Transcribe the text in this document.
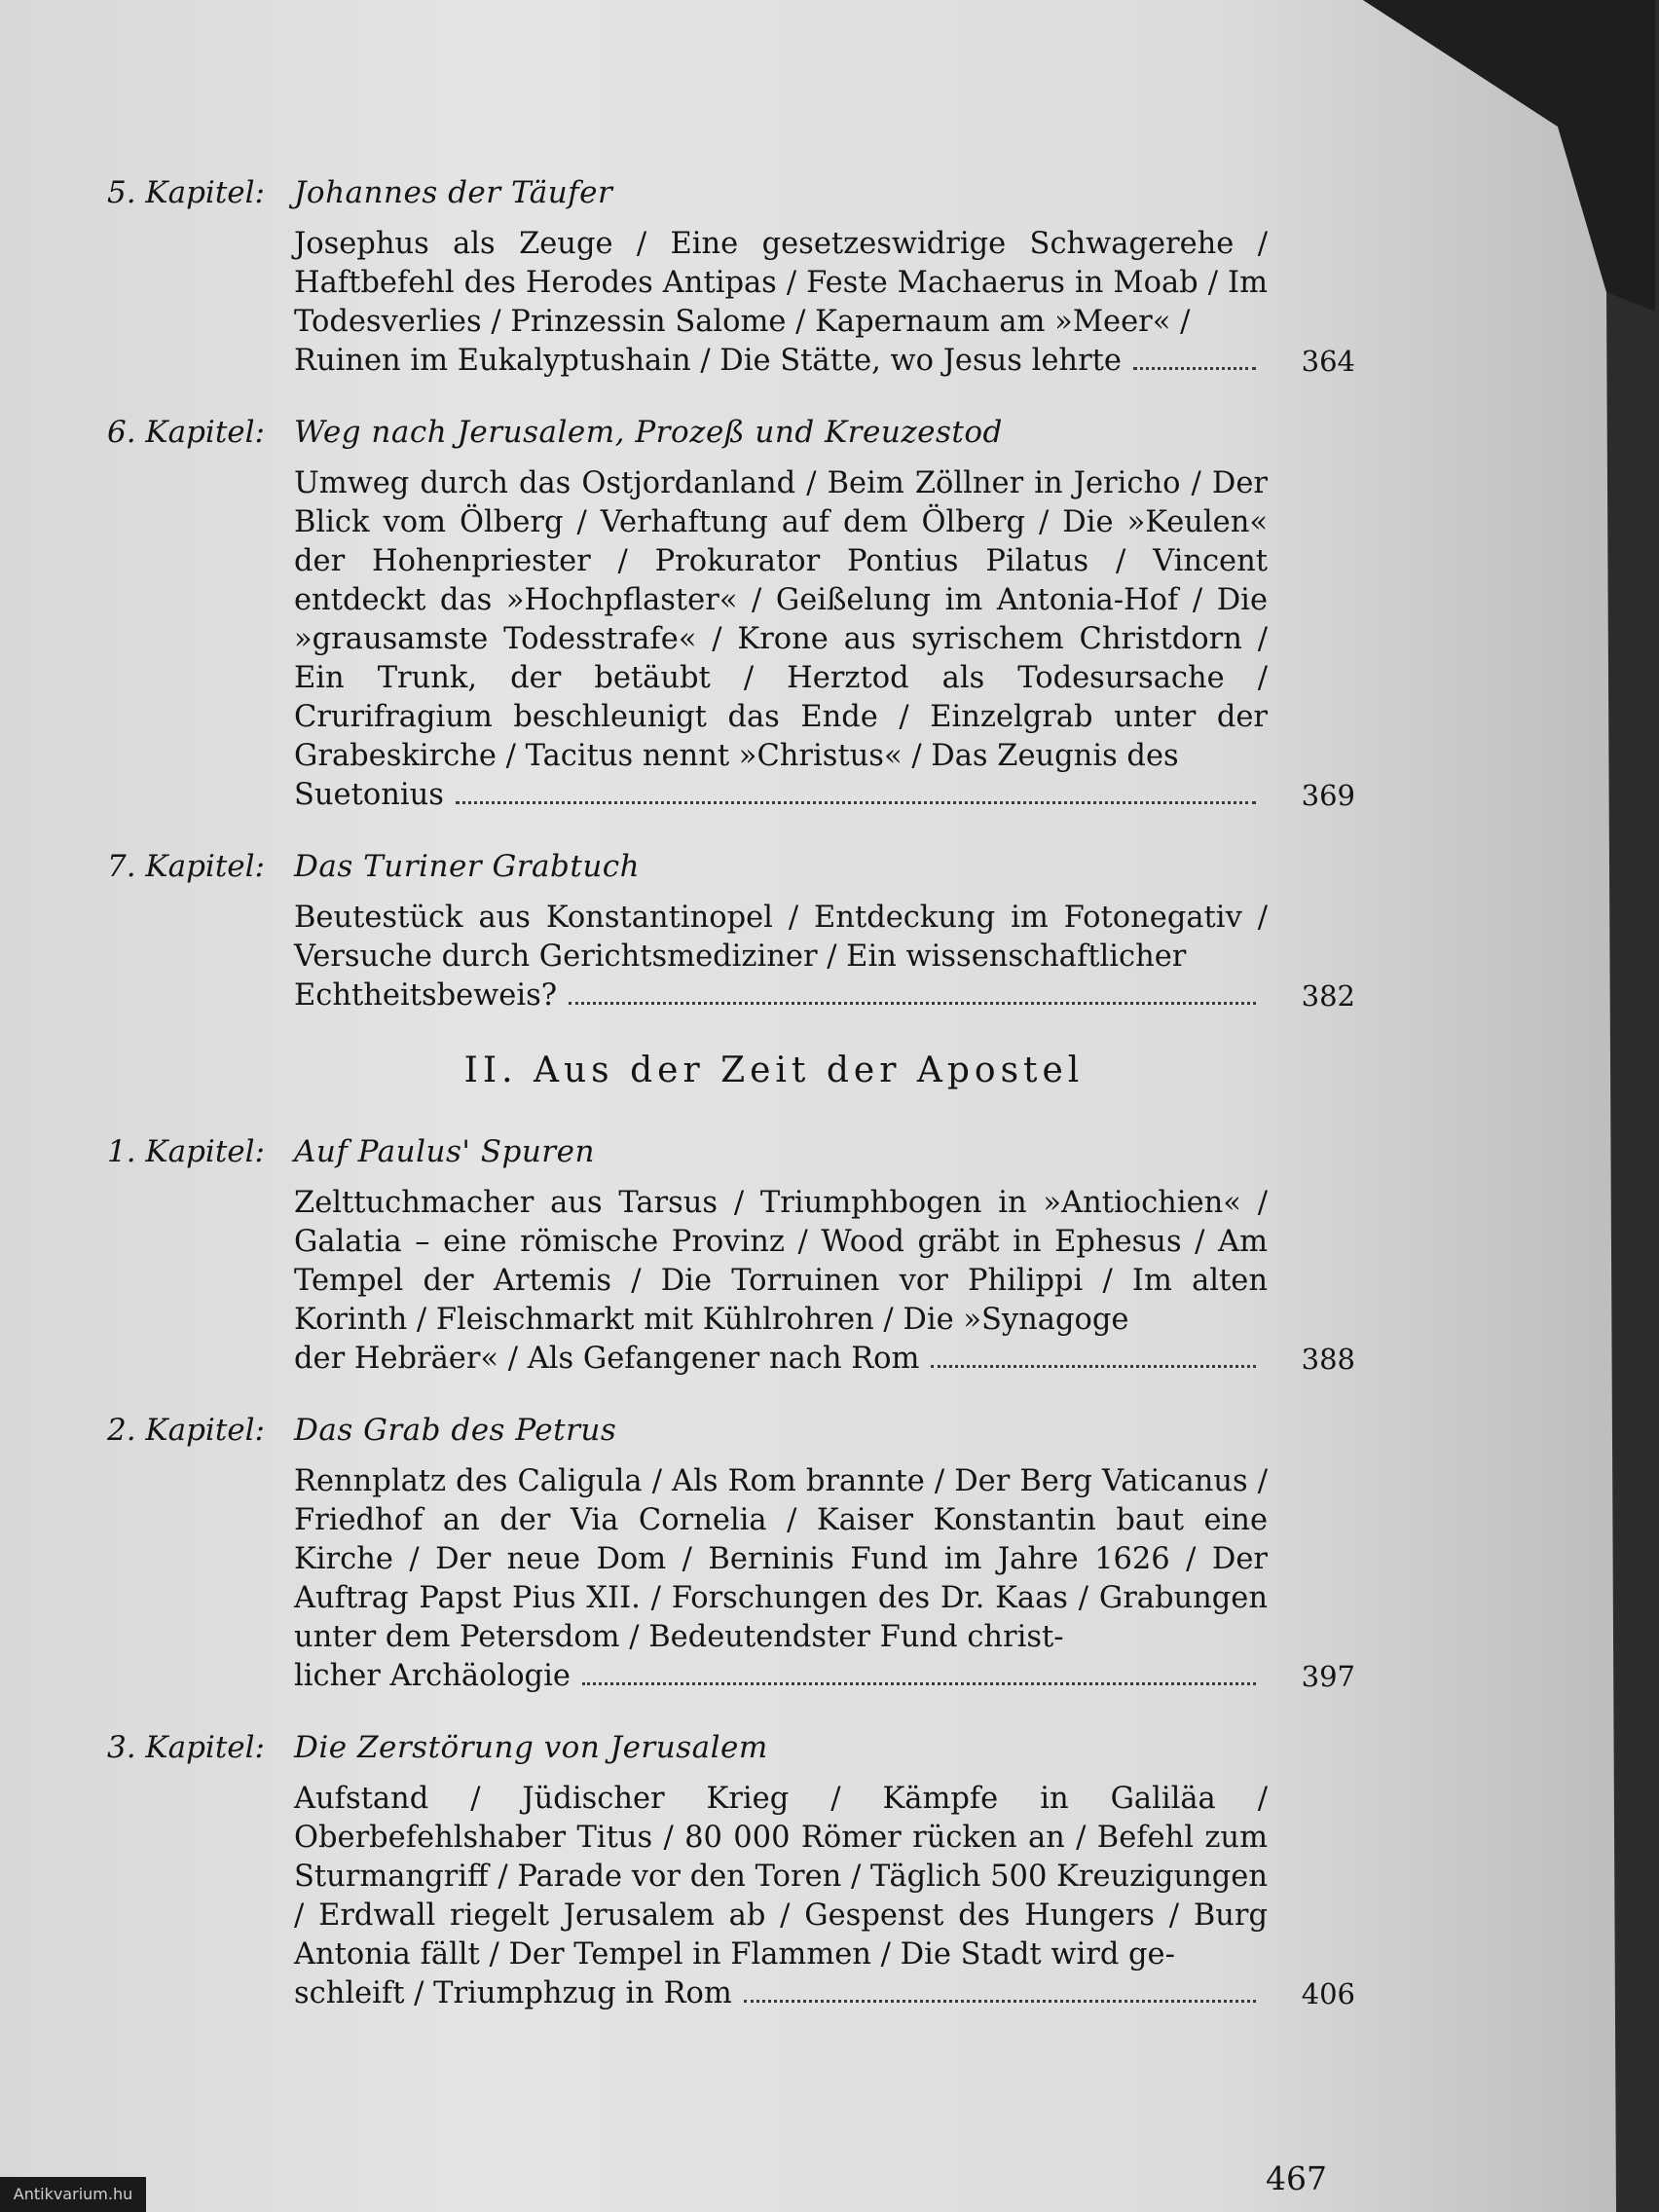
5. Kapitel: Johannes der Täufer
Josephus als Zeuge / Eine gesetzeswidrige Schwagerehe / Haftbefehl des Herodes Antipas / Feste Machaerus in Moab / Im Todesverlies / Prinzessin Salome / Kapernaum am »Meer« /
Ruinen im Eukalyptushain / Die Stätte, wo Jesus lehrte	364
6. Kapitel: Weg nach Jerusalem, Prozeß und Kreuzestod
Umweg durch das Ostjordanland / Beim Zöllner in Jericho / Der Blick vom Ölberg / Verhaftung auf dem Ölberg / Die »Keulen« der Hohenpriester / Prokurator Pontius Pilatus / Vincent entdeckt das »Hochpflaster« / Geißelung im Antonia-Hof / Die »grausamste Todesstrafe« / Krone aus syrischem Christdorn / Ein Trunk, der betäubt / Herztod als Todesursache / Crurifragium beschleunigt das Ende / Einzelgrab unter der Grabeskirche / Tacitus nennt »Christus« / Das Zeugnis des
Suetonius	369
7. Kapitel: Das Turiner Grabtuch
Beutestück aus Konstantinopel / Entdeckung im Fotonegativ / Versuche durch Gerichtsmediziner / Ein wissenschaftlicher
Echtheitsbeweis?	382
II. Aus der Zeit der Apostel
1. Kapitel: Auf Paulus' Spuren
Zelttuchmacher aus Tarsus / Triumphbogen in »Antiochien« / Galatia – eine römische Provinz / Wood gräbt in Ephesus / Am Tempel der Artemis / Die Torruinen vor Philippi / Im alten Korinth / Fleischmarkt mit Kühlrohren / Die »Synagoge
der Hebräer« / Als Gefangener nach Rom	388
2. Kapitel: Das Grab des Petrus
Rennplatz des Caligula / Als Rom brannte / Der Berg Vaticanus / Friedhof an der Via Cornelia / Kaiser Konstantin baut eine Kirche / Der neue Dom / Berninis Fund im Jahre 1626 / Der Auftrag Papst Pius XII. / Forschungen des Dr. Kaas / Grabungen unter dem Petersdom / Bedeutendster Fund christ-
licher Archäologie	397
3. Kapitel: Die Zerstörung von Jerusalem
Aufstand / Jüdischer Krieg / Kämpfe in Galiläa / Oberbefehlshaber Titus / 80 000 Römer rücken an / Befehl zum Sturmangriff / Parade vor den Toren / Täglich 500 Kreuzigungen / Erdwall riegelt Jerusalem ab / Gespenst des Hungers / Burg Antonia fällt / Der Tempel in Flammen / Die Stadt wird ge-
schleift / Triumphzug in Rom	406
467
Antikvarium.hu
